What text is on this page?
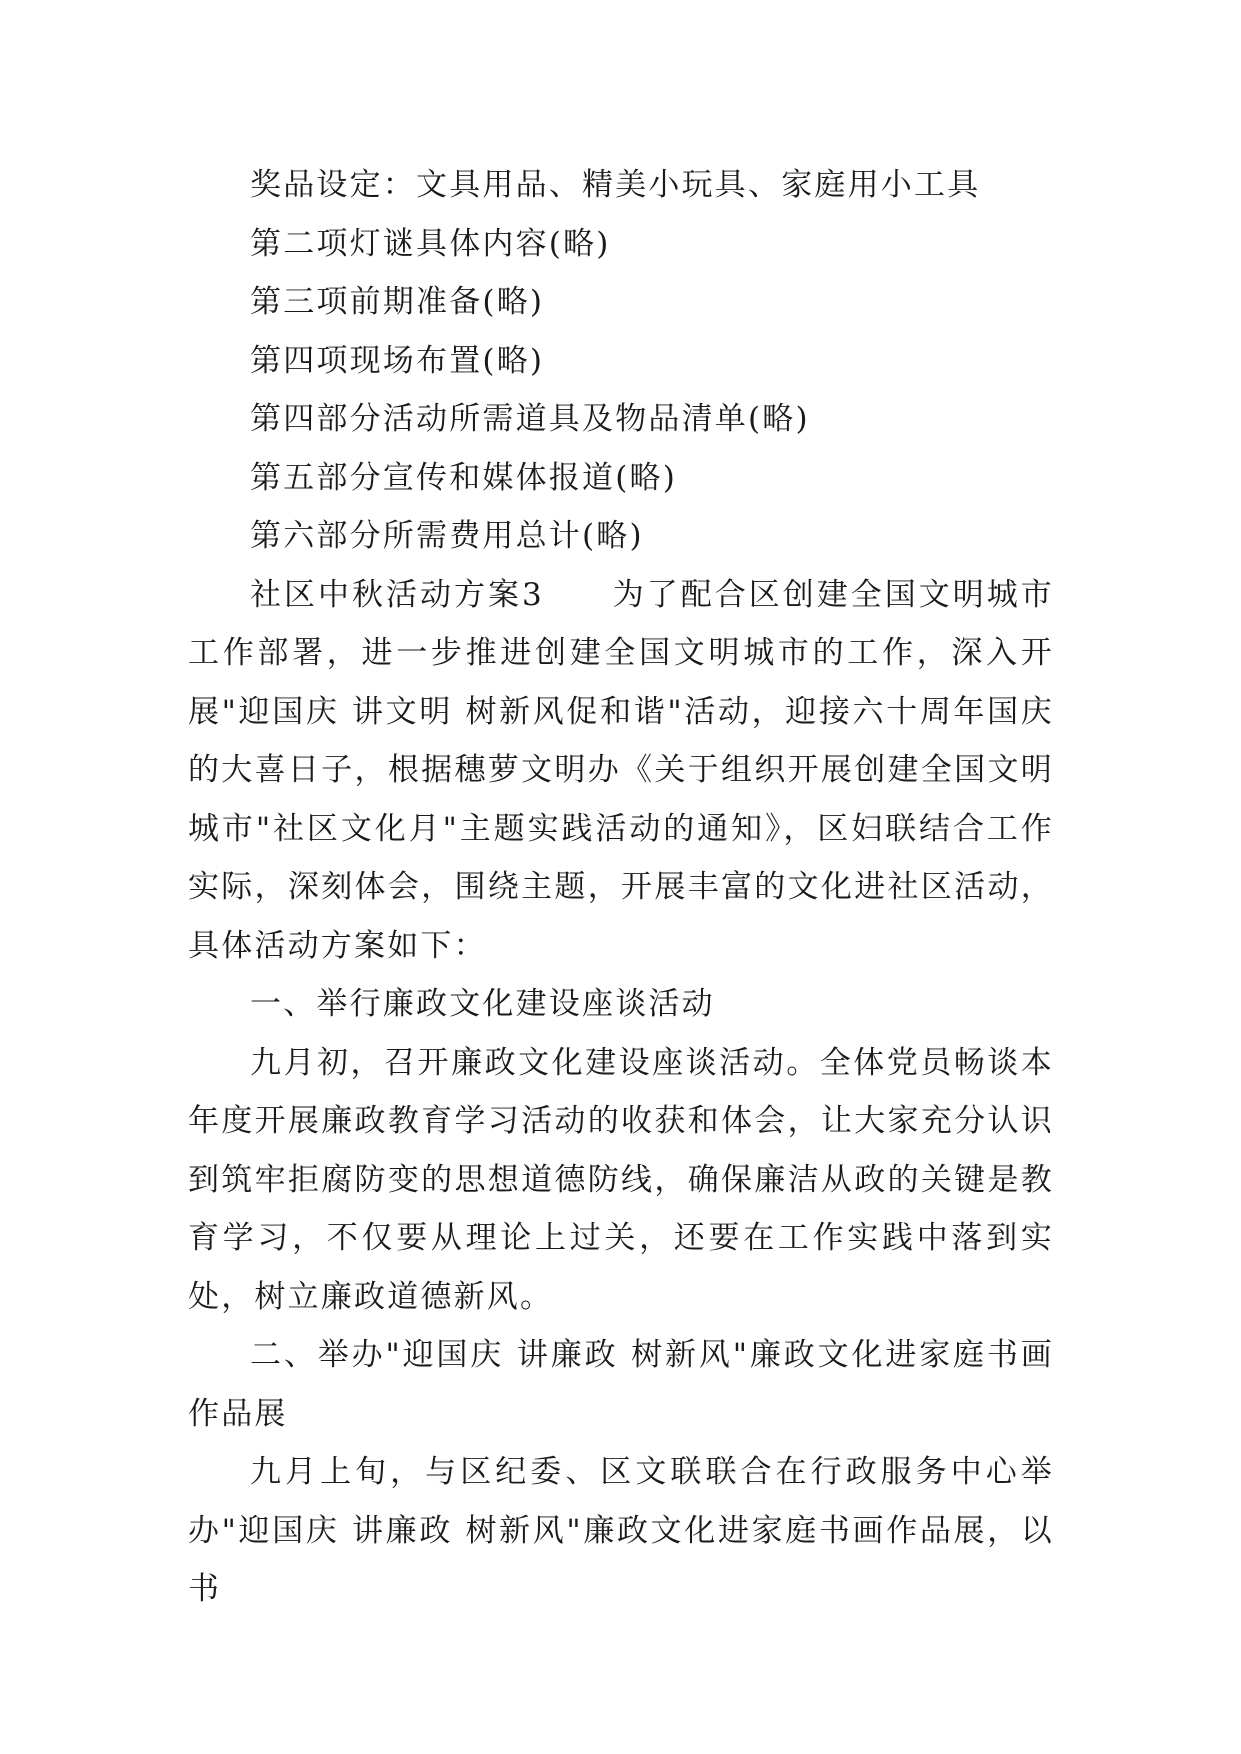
奖品设定：文具用品、精美小玩具、家庭用小工具

第二项灯谜具体内容(略)

第三项前期准备(略)

第四项现场布置(略)

第四部分活动所需道具及物品清单(略)

第五部分宣传和媒体报道(略)

第六部分所需费用总计(略)

社区中秋活动方案3　　为了配合区创建全国文明城市工作部署，进一步推进创建全国文明城市的工作，深入开展"迎国庆 讲文明 树新风促和谐"活动，迎接六十周年国庆的大喜日子，根据穗萝文明办《关于组织开展创建全国文明城市"社区文化月"主题实践活动的通知》，区妇联结合工作实际，深刻体会，围绕主题，开展丰富的文化进社区活动，具体活动方案如下：

一、举行廉政文化建设座谈活动

九月初，召开廉政文化建设座谈活动。全体党员畅谈本年度开展廉政教育学习活动的收获和体会，让大家充分认识到筑牢拒腐防变的思想道德防线，确保廉洁从政的关键是教育学习，不仅要从理论上过关，还要在工作实践中落到实处，树立廉政道德新风。

二、举办"迎国庆 讲廉政 树新风"廉政文化进家庭书画作品展

九月上旬，与区纪委、区文联联合在行政服务中心举办"迎国庆 讲廉政 树新风"廉政文化进家庭书画作品展，以书
